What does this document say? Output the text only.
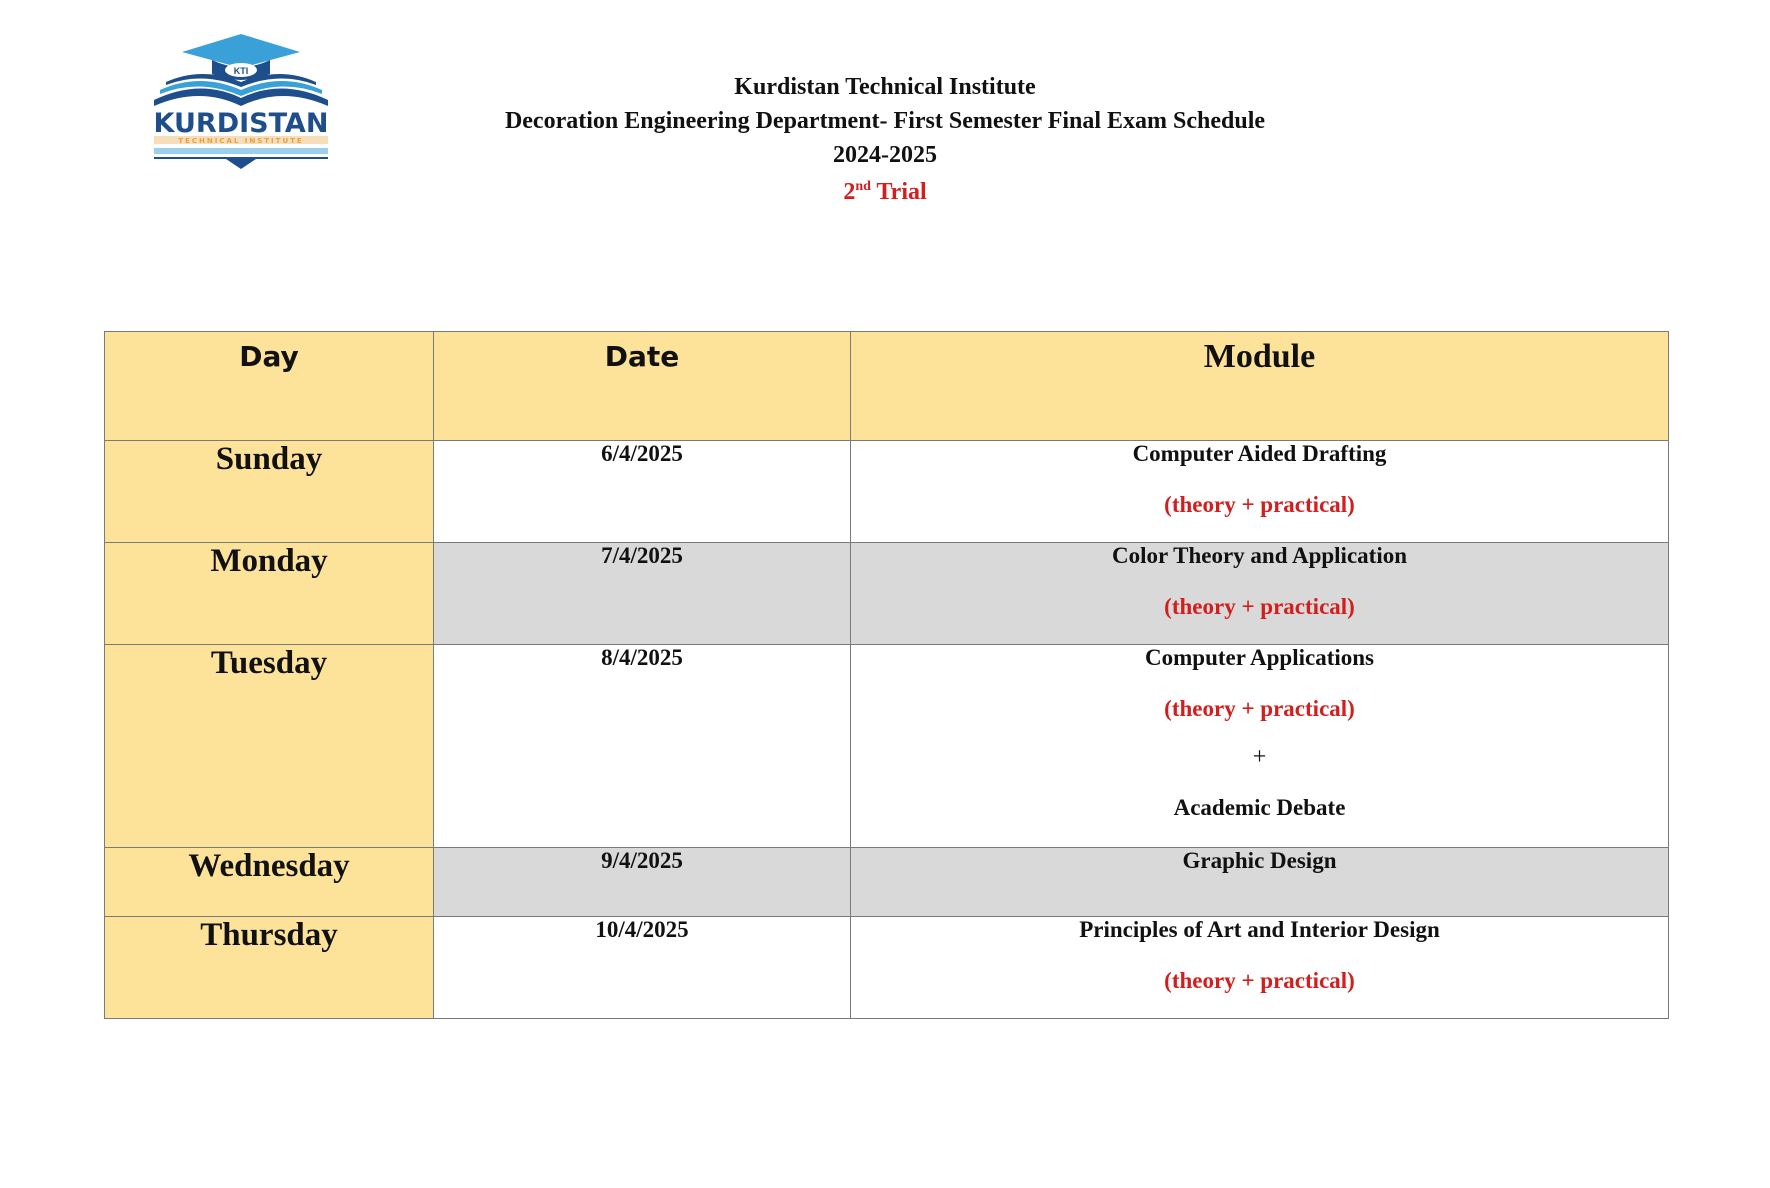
KTI
KURDISTAN
TECHNICAL INSTITUTE
Kurdistan Technical Institute
Decoration Engineering Department- First Semester Final Exam Schedule
2024-2025
2nd Trial
Day	Date	Module

Sunday	6/4/2025	Computer Aided Drafting
(theory + practical)

Monday	7/4/2025	Color Theory and Application
(theory + practical)

Tuesday	8/4/2025	Computer Applications
(theory + practical)
+
Academic Debate

Wednesday	9/4/2025	Graphic Design

Thursday	10/4/2025	Principles of Art and Interior Design
(theory + practical)
